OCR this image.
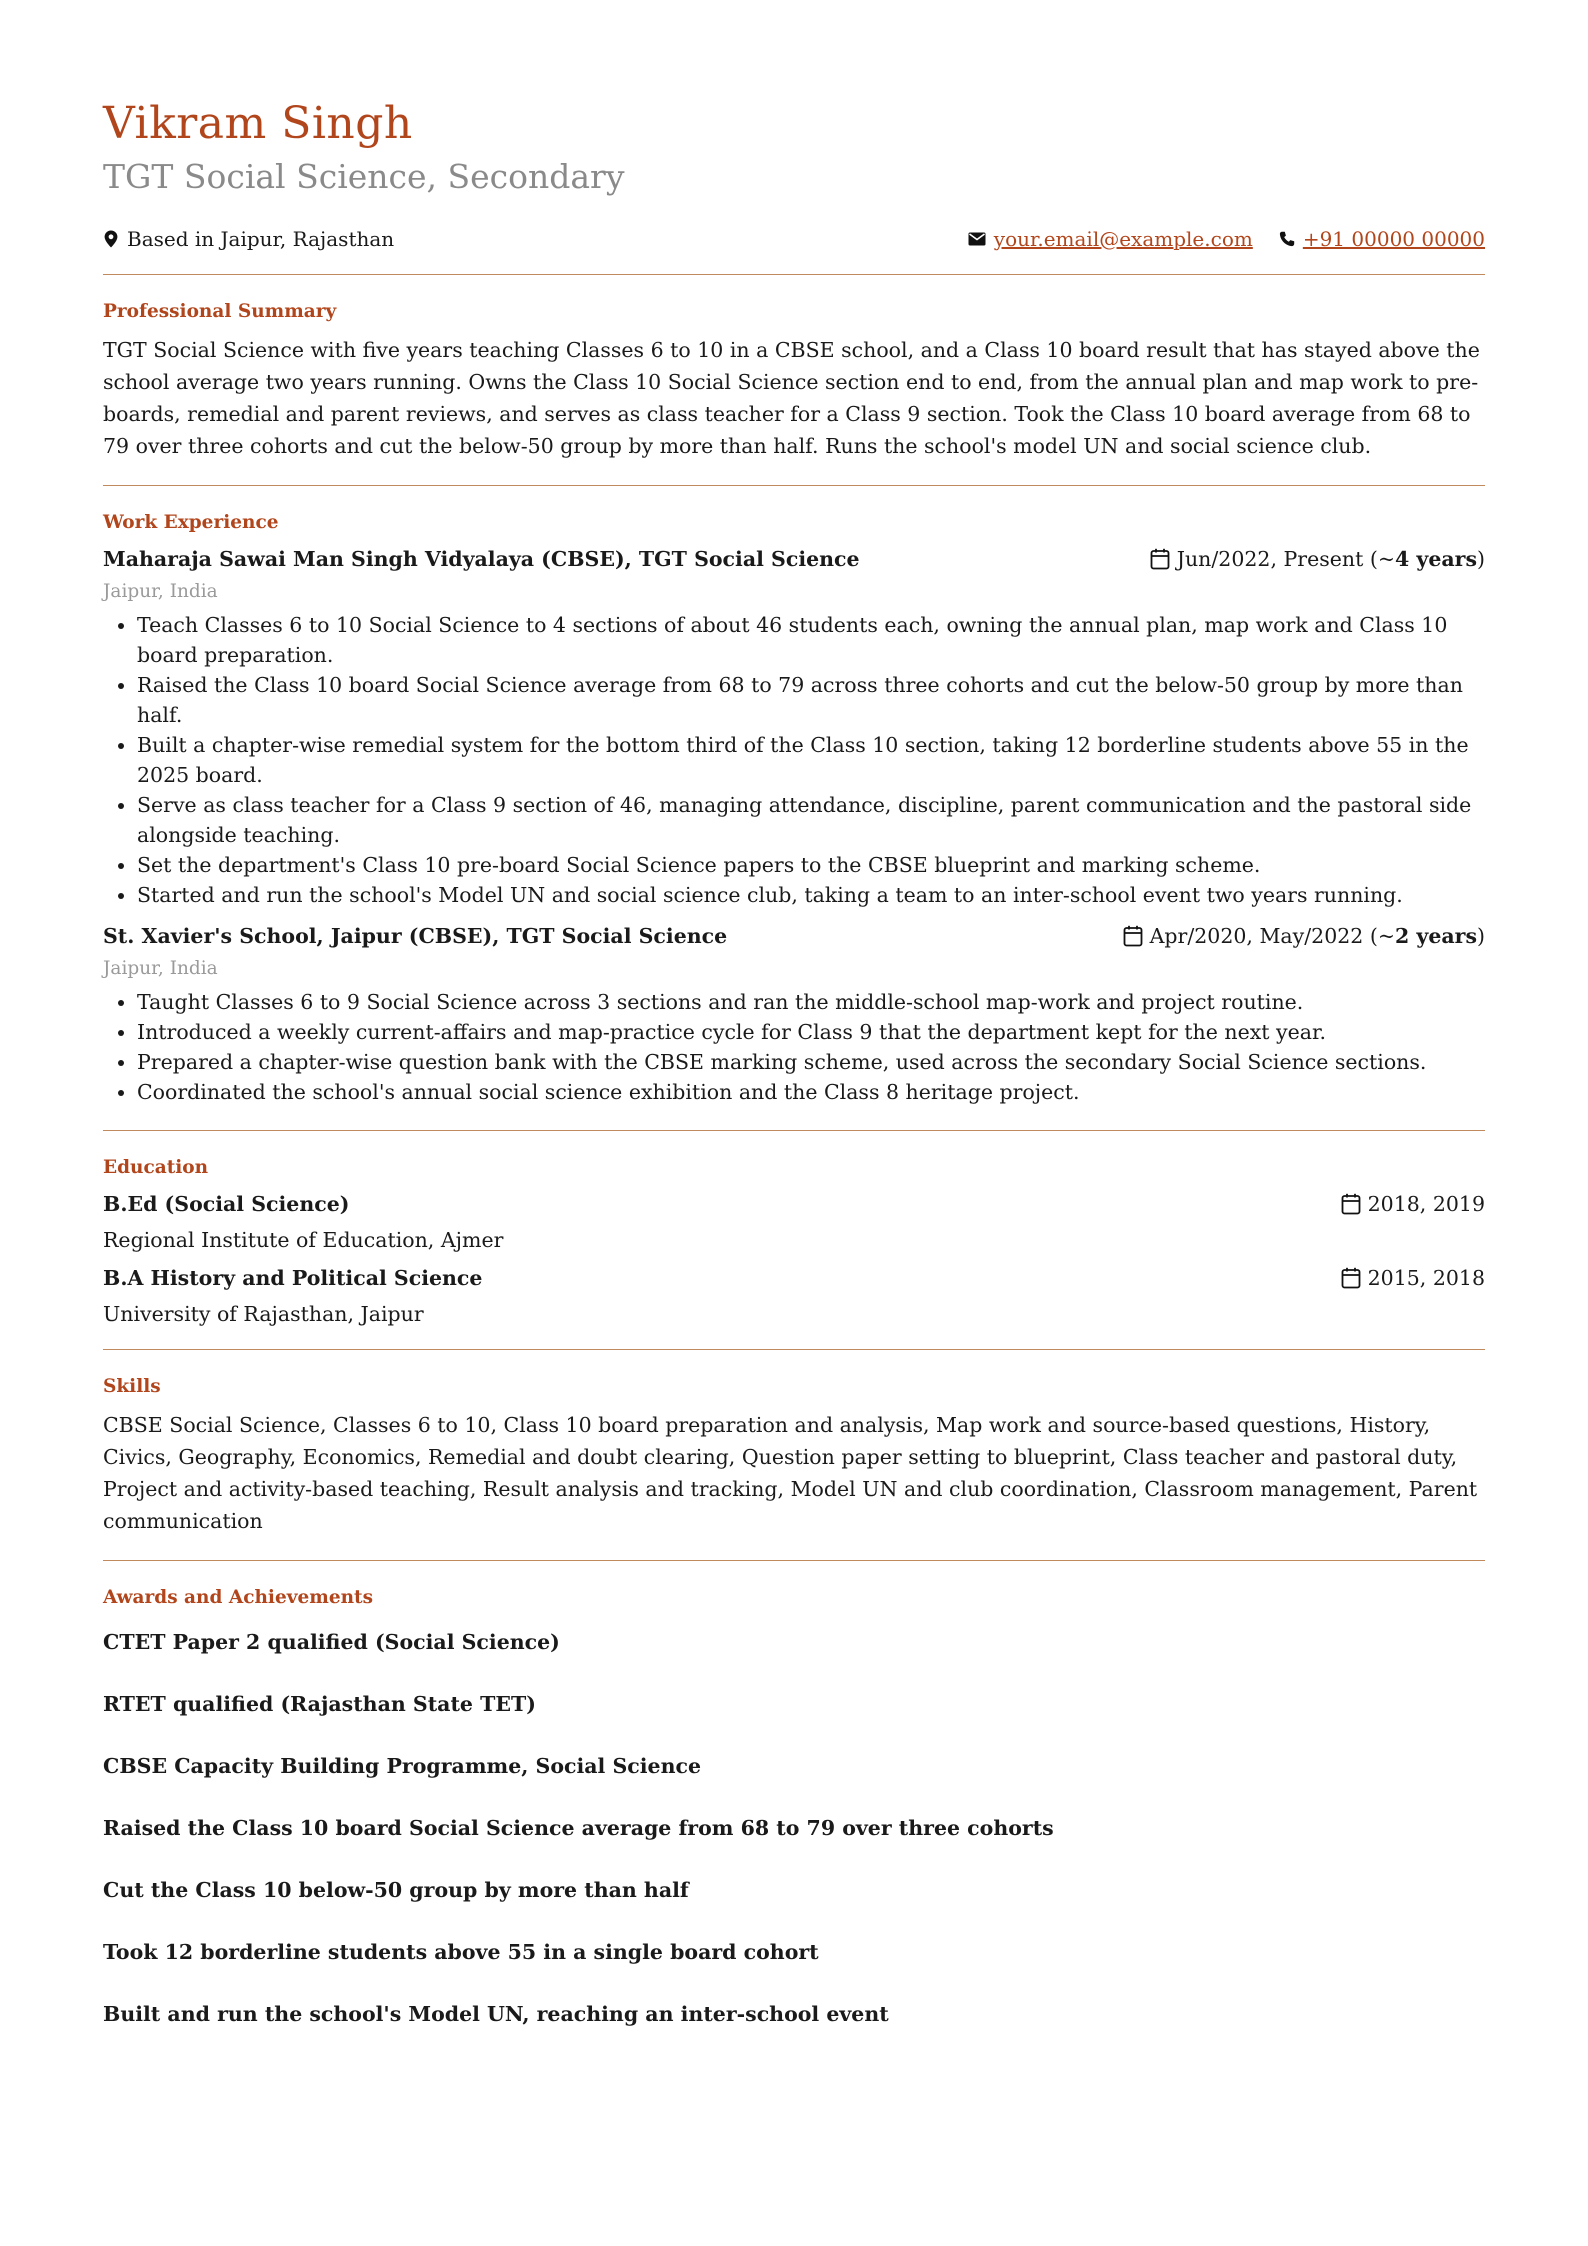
Vikram Singh
TGT Social Science, Secondary
Based in Jaipur, Rajasthan	your.email@example.com	+91 00000 00000
Professional Summary
TGT Social Science with five years teaching Classes 6 to 10 in a CBSE school, and a Class 10 board result that has stayed above the school average two years running. Owns the Class 10 Social Science section end to end, from the annual plan and map work to pre-boards, remedial and parent reviews, and serves as class teacher for a Class 9 section. Took the Class 10 board average from 68 to 79 over three cohorts and cut the below-50 group by more than half. Runs the school's model UN and social science club.
Work Experience
Maharaja Sawai Man Singh Vidyalaya (CBSE), TGT Social Science	Jun/2022, Present (~ 4 years )
Jaipur, India
• Teach Classes 6 to 10 Social Science to 4 sections of about 46 students each, owning the annual plan, map work and Class 10 board preparation.
• Raised the Class 10 board Social Science average from 68 to 79 across three cohorts and cut the below-50 group by more than half.
• Built a chapter-wise remedial system for the bottom third of the Class 10 section, taking 12 borderline students above 55 in the 2025 board.
• Serve as class teacher for a Class 9 section of 46, managing attendance, discipline, parent communication and the pastoral side alongside teaching.
• Set the department's Class 10 pre-board Social Science papers to the CBSE blueprint and marking scheme.
• Started and run the school's Model UN and social science club, taking a team to an inter-school event two years running.
St. Xavier's School, Jaipur (CBSE), TGT Social Science	Apr/2020, May/2022 (~ 2 years )
Jaipur, India
• Taught Classes 6 to 9 Social Science across 3 sections and ran the middle-school map-work and project routine.
• Introduced a weekly current-affairs and map-practice cycle for Class 9 that the department kept for the next year.
• Prepared a chapter-wise question bank with the CBSE marking scheme, used across the secondary Social Science sections.
• Coordinated the school's annual social science exhibition and the Class 8 heritage project.
Education
B.Ed (Social Science)	2018, 2019
Regional Institute of Education, Ajmer
B.A History and Political Science	2015, 2018
University of Rajasthan, Jaipur
Skills
CBSE Social Science, Classes 6 to 10, Class 10 board preparation and analysis, Map work and source-based questions, History, Civics, Geography, Economics, Remedial and doubt clearing, Question paper setting to blueprint, Class teacher and pastoral duty, Project and activity-based teaching, Result analysis and tracking, Model UN and club coordination, Classroom management, Parent communication
Awards and Achievements
CTET Paper 2 qualified (Social Science)
RTET qualified (Rajasthan State TET)
CBSE Capacity Building Programme, Social Science
Raised the Class 10 board Social Science average from 68 to 79 over three cohorts
Cut the Class 10 below-50 group by more than half
Took 12 borderline students above 55 in a single board cohort
Built and run the school's Model UN, reaching an inter-school event
